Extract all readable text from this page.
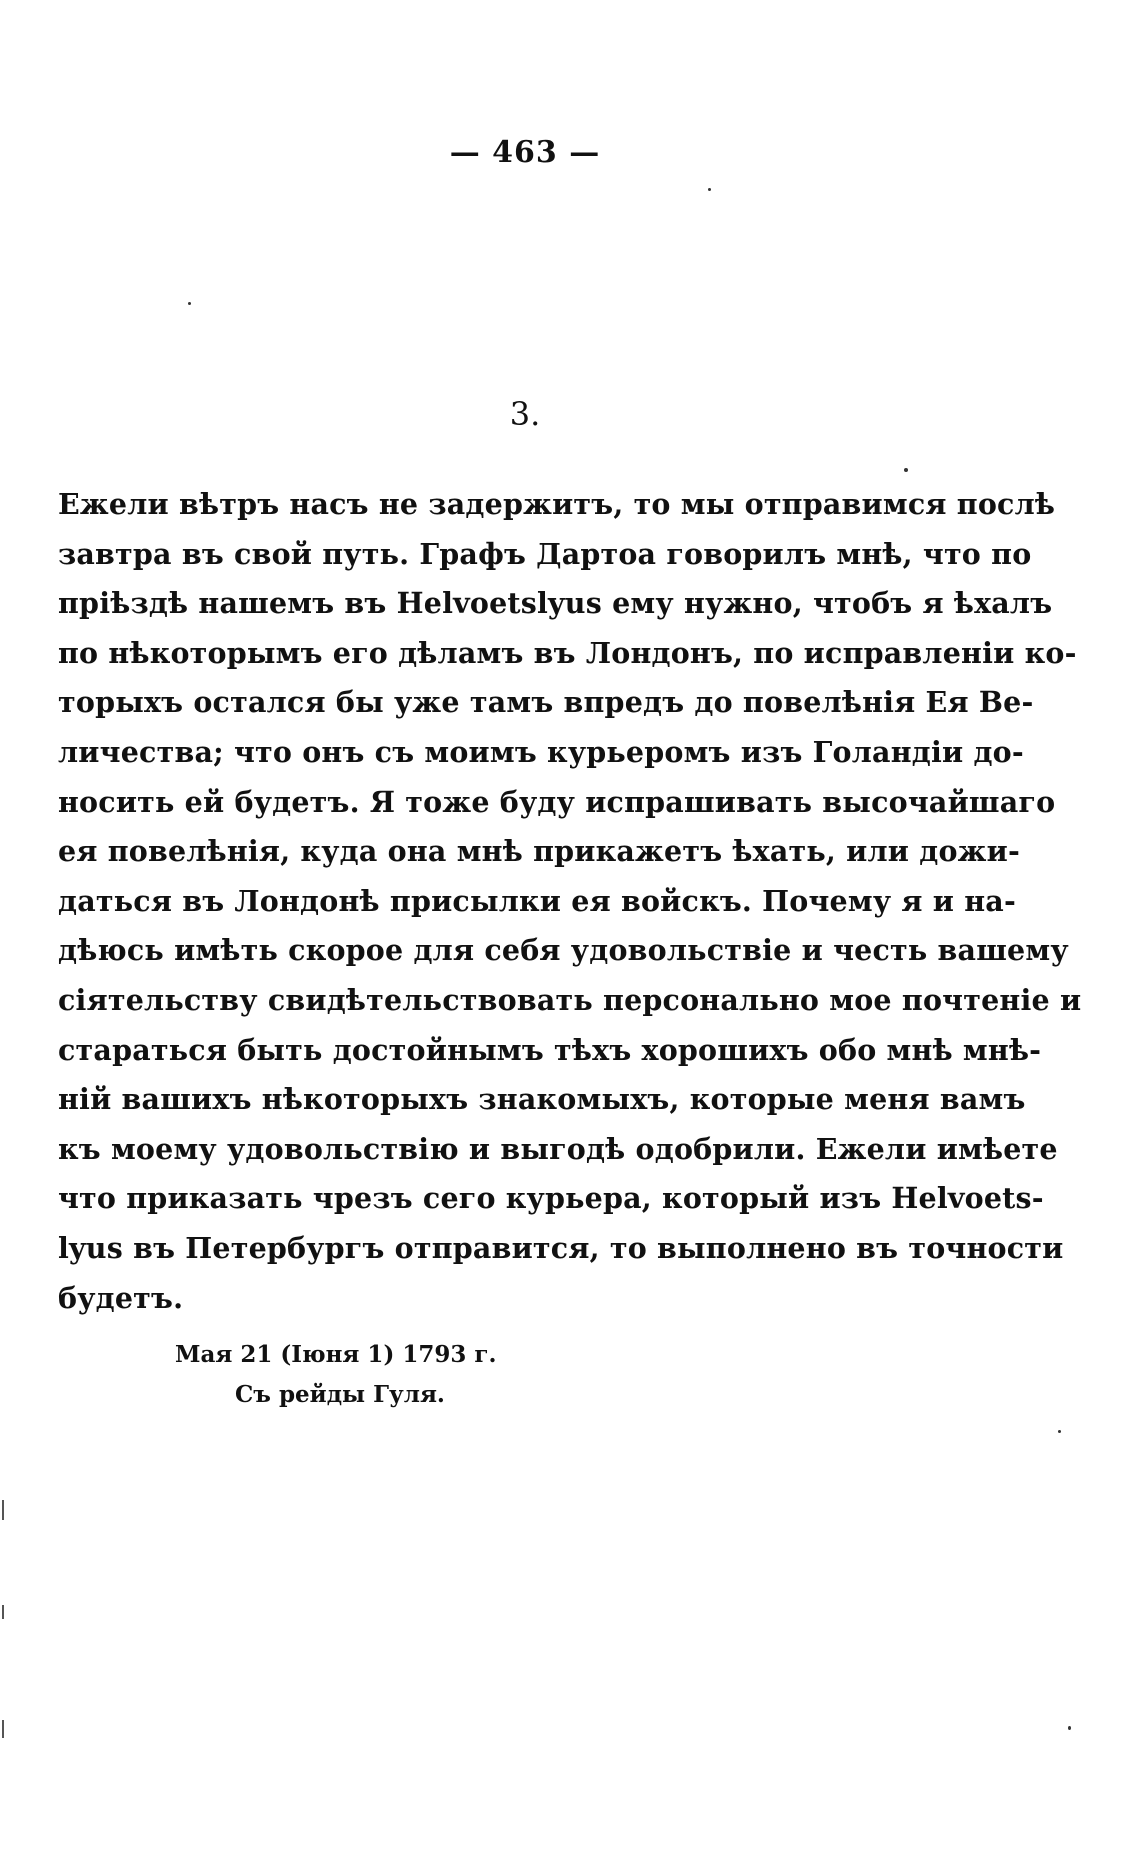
— 463 —
3.
Ежели вѣтръ насъ не задержитъ, то мы отправимся послѣ
завтра въ свой путь. Графъ Дартоа говорилъ мнѣ, что по
пріѣздѣ нашемъ въ Helvoetslyus ему нужно, чтобъ я ѣхалъ
по нѣкоторымъ его дѣламъ въ Лондонъ, по исправленіи ко-
торыхъ остался бы уже тамъ впредъ до повелѣнія Ея Ве-
личества; что онъ съ моимъ курьеромъ изъ Голандіи до-
носить ей будетъ. Я тоже буду испрашивать высочайшаго
ея повелѣнія, куда она мнѣ прикажетъ ѣхать, или дожи-
даться въ Лондонѣ присылки ея войскъ. Почему я и на-
дѣюсь имѣть скорое для себя удовольствіе и честь вашему
сіятельству свидѣтельствовать персонально мое почтеніе и
стараться быть достойнымъ тѣхъ хорошихъ обо мнѣ мнѣ-
ній вашихъ нѣкоторыхъ знакомыхъ, которые меня вамъ
къ моему удовольствію и выгодѣ одобрили. Ежели имѣете
что приказать чрезъ сего курьера, который изъ Helvoets-
lyus въ Петербургъ отправится, то выполнено въ точности
будетъ.
Мая 21 (Іюня 1) 1793 г.
Съ рейды Гуля.
